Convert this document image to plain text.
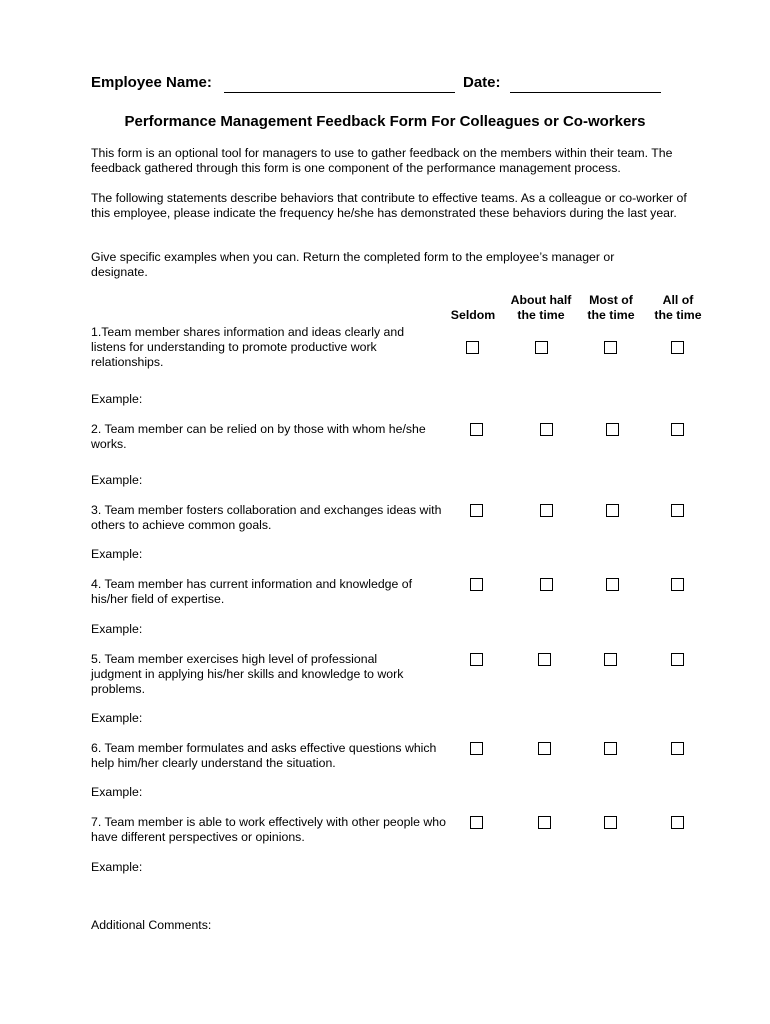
Employee Name:	Date:
Performance Management Feedback Form For Colleagues or Co-workers
This form is an optional tool for managers to use to gather feedback on the members within their team. The feedback gathered through this form is one component of the performance management process.
The following statements describe behaviors that contribute to effective teams. As a colleague or co-worker of this employee, please indicate the frequency he/she has demonstrated these behaviors during the last year.
Give specific examples when you can. Return the completed form to the employee’s manager or designate.
Seldom
About half
the time
Most of
the time
All of
the time
1.Team member shares information and ideas clearly and listens for understanding to promote productive work relationships.
Example:
2. Team member can be relied on by those with whom he/she works.
Example:
3. Team member fosters collaboration and exchanges ideas with others to achieve common goals.
Example:
4. Team member has current information and knowledge of his/her field of expertise.
Example:
5. Team member exercises high level of professional judgment in applying his/her skills and knowledge to work problems.
Example:
6. Team member formulates and asks effective questions which help him/her clearly understand the situation.
Example:
7. Team member is able to work effectively with other people who have different perspectives or opinions.
Example:
Additional Comments:
